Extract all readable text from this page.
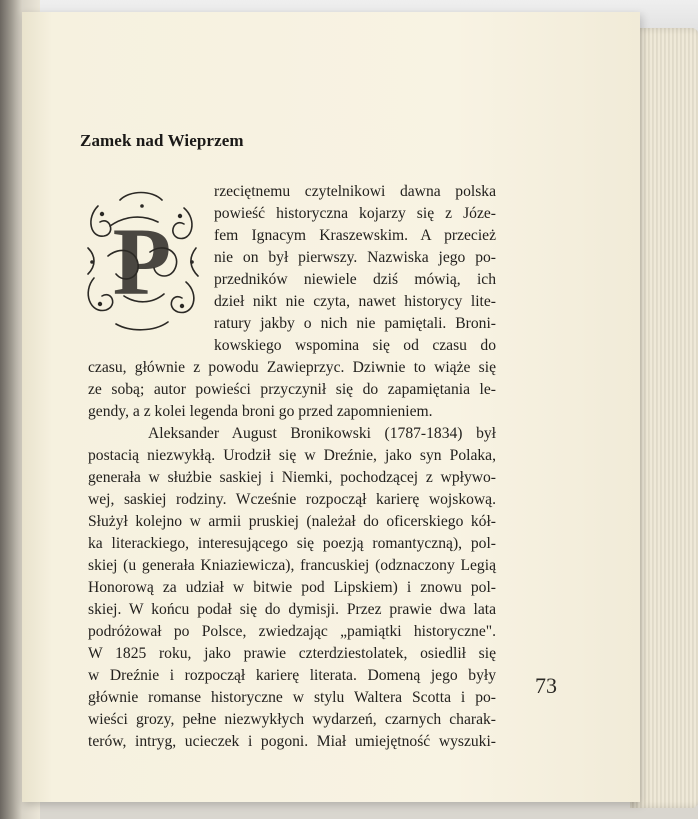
Zamek nad Wieprzem
P
rzeciętnemu czytelnikowi dawna polska
powieść historyczna kojarzy się z Józe-
fem Ignacym Kraszewskim. A przecież
nie on był pierwszy. Nazwiska jego po-
przedników niewiele dziś mówią, ich
dzieł nikt nie czyta, nawet historycy lite-
ratury jakby o nich nie pamiętali. Broni-
kowskiego wspomina się od czasu do
czasu, głównie z powodu Zawieprzyc. Dziwnie to wiąże się
ze sobą; autor powieści przyczynił się do zapamiętania le-
gendy, a z kolei legenda broni go przed zapomnieniem.
Aleksander August Bronikowski (1787-1834) był
postacią niezwykłą. Urodził się w Dreźnie, jako syn Polaka,
generała w służbie saskiej i Niemki, pochodzącej z wpływo-
wej, saskiej rodziny. Wcześnie rozpoczął karierę wojskową.
Służył kolejno w armii pruskiej (należał do oficerskiego kół-
ka literackiego, interesującego się poezją romantyczną), pol-
skiej (u generała Kniaziewicza), francuskiej (odznaczony Legią
Honorową za udział w bitwie pod Lipskiem) i znowu pol-
skiej. W końcu podał się do dymisji. Przez prawie dwa lata
podróżował po Polsce, zwiedzając „pamiątki historyczne".
W 1825 roku, jako prawie czterdziestolatek, osiedlił się
w Dreźnie i rozpoczął karierę literata. Domeną jego były
głównie romanse historyczne w stylu Waltera Scotta i po-
wieści grozy, pełne niezwykłych wydarzeń, czarnych charak-
terów, intryg, ucieczek i pogoni. Miał umiejętność wyszuki-
73
